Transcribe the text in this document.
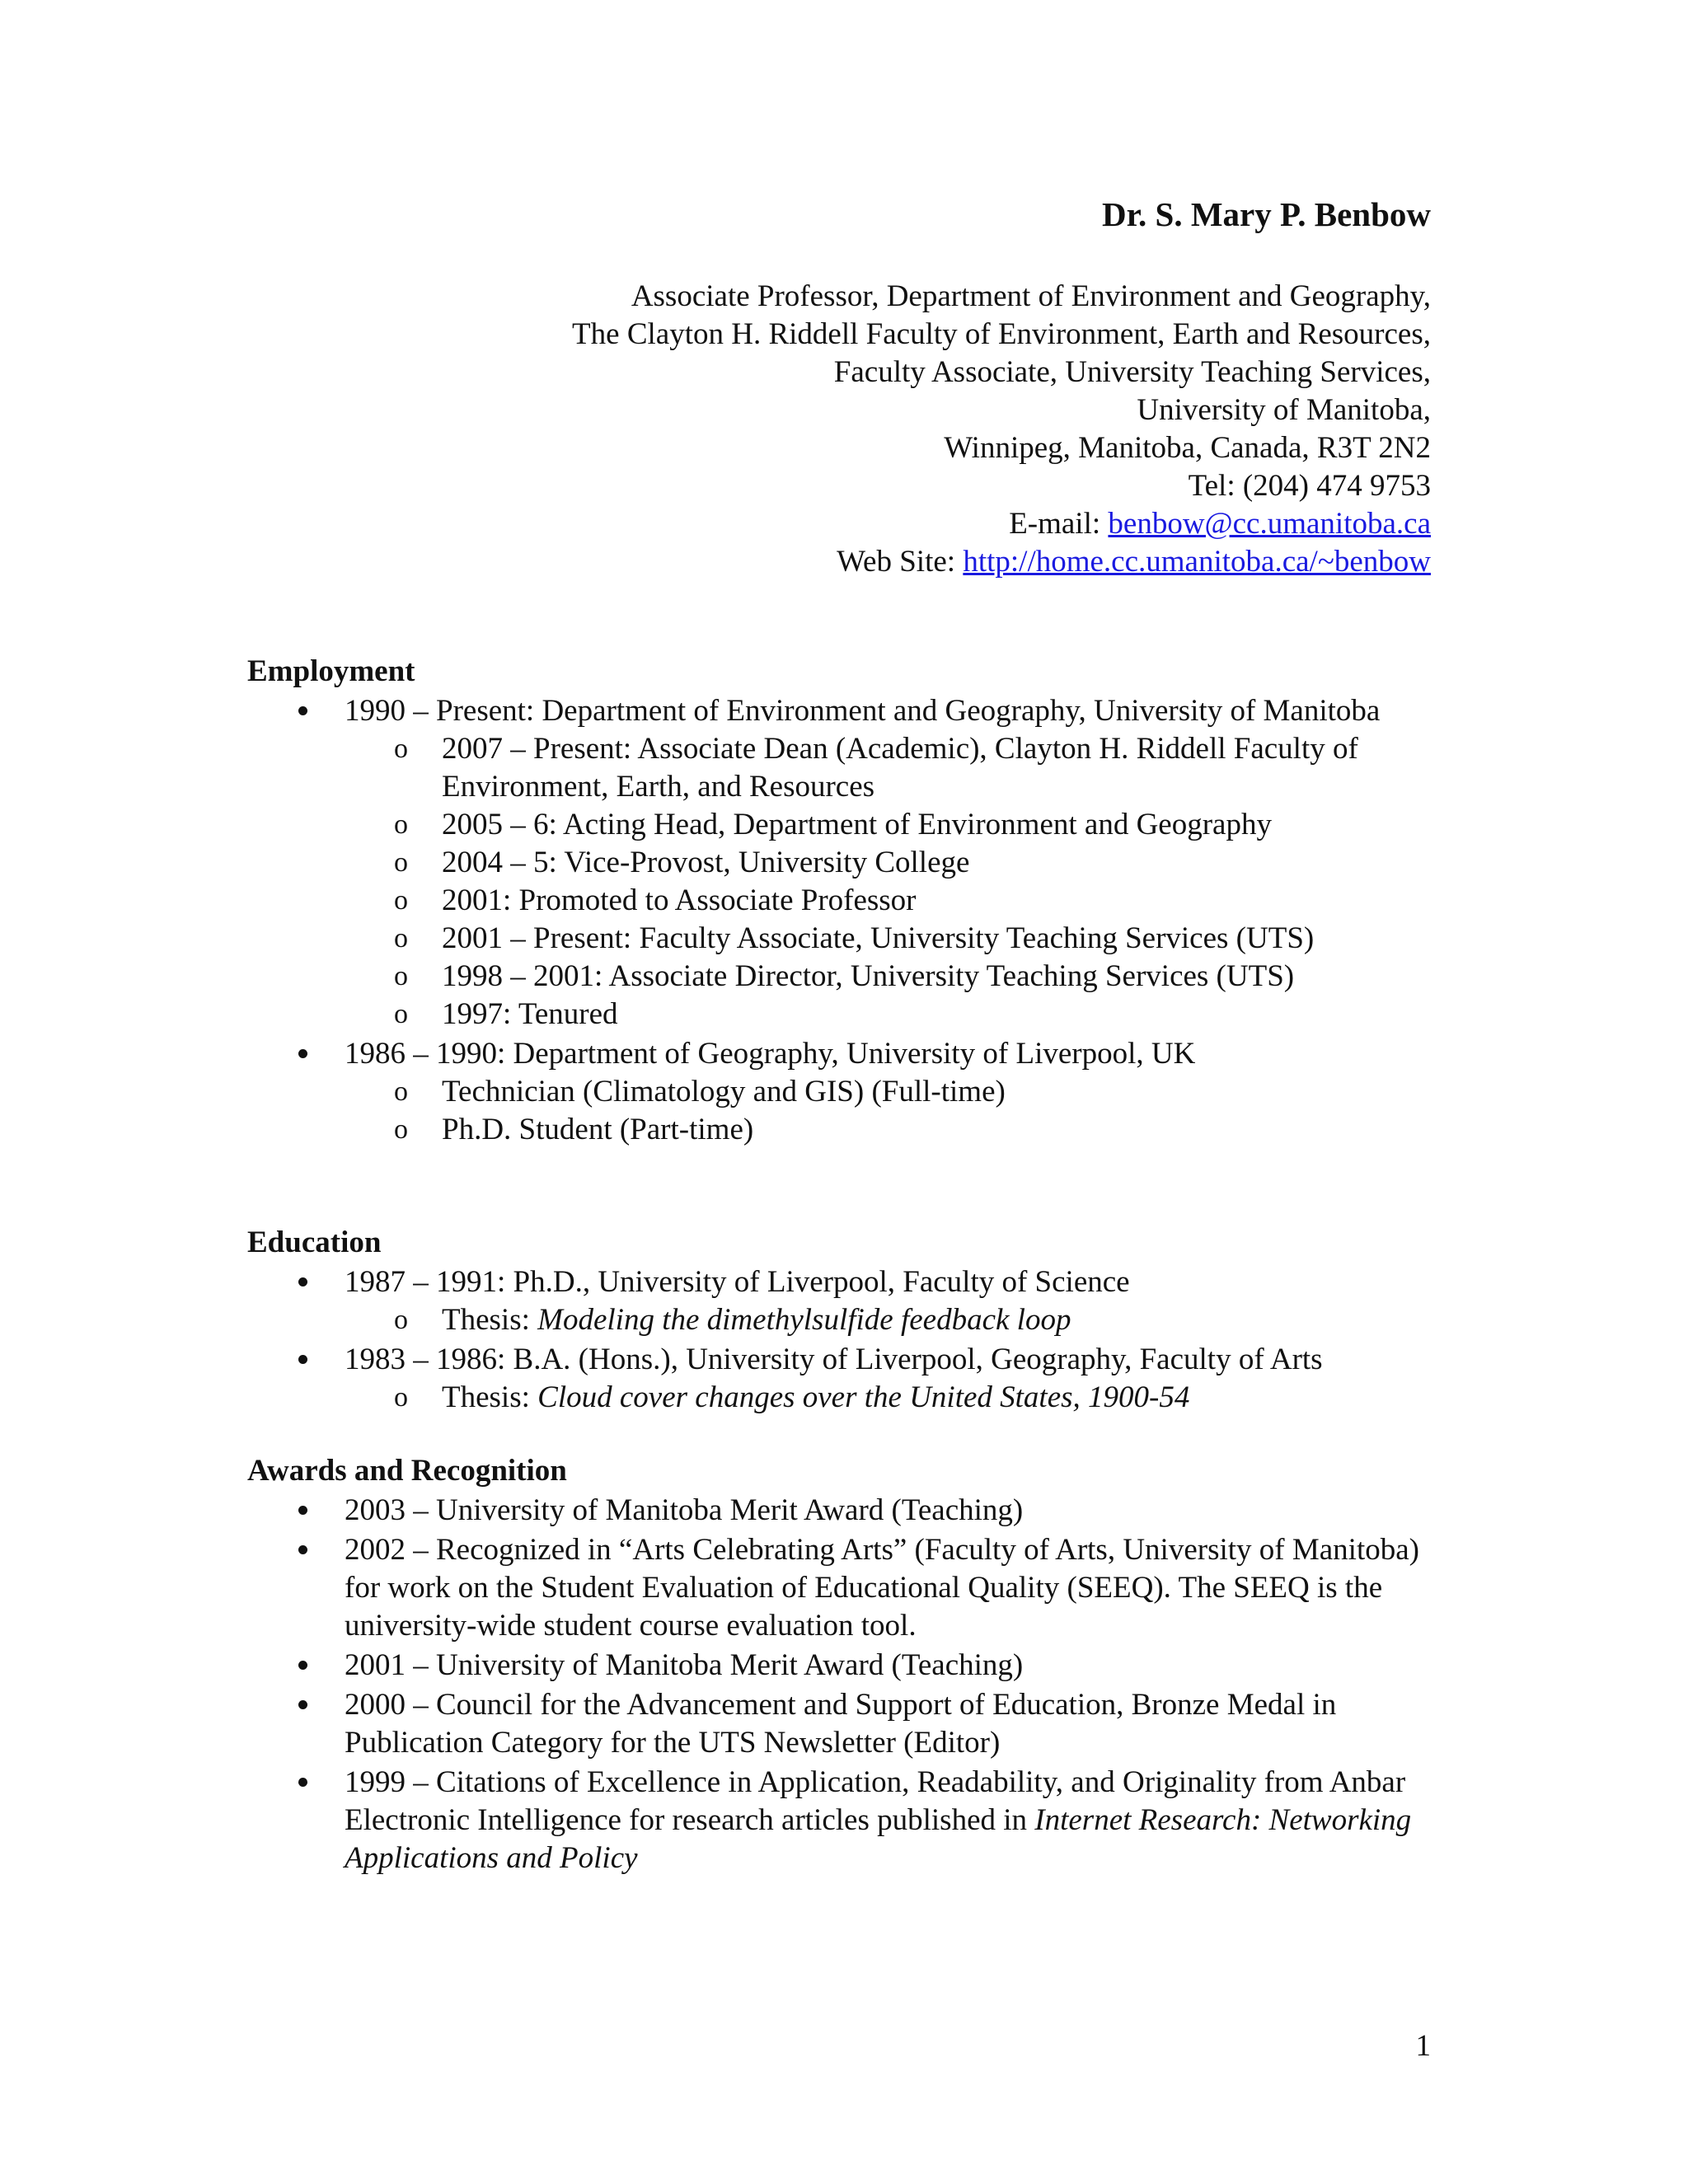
Dr. S. Mary P. Benbow
Associate Professor, Department of Environment and Geography,
The Clayton H. Riddell Faculty of Environment, Earth and Resources,
Faculty Associate, University Teaching Services,
University of Manitoba,
Winnipeg, Manitoba, Canada, R3T 2N2
Tel: (204) 474 9753
E-mail: benbow@cc.umanitoba.ca
Web Site: http://home.cc.umanitoba.ca/~benbow
Employment
1990 – Present: Department of Environment and Geography, University of Manitoba
o 2007 – Present: Associate Dean (Academic), Clayton H. Riddell Faculty of Environment, Earth, and Resources
o 2005 – 6: Acting Head, Department of Environment and Geography
o 2004 – 5: Vice-Provost, University College
o 2001: Promoted to Associate Professor
o 2001 – Present: Faculty Associate, University Teaching Services (UTS)
o 1998 – 2001: Associate Director, University Teaching Services (UTS)
o 1997: Tenured
1986 – 1990: Department of Geography, University of Liverpool, UK
o Technician (Climatology and GIS) (Full-time)
o Ph.D. Student (Part-time)
Education
1987 – 1991: Ph.D., University of Liverpool, Faculty of Science
o Thesis: Modeling the dimethylsulfide feedback loop
1983 – 1986: B.A. (Hons.), University of Liverpool, Geography, Faculty of Arts
o Thesis: Cloud cover changes over the United States, 1900-54
Awards and Recognition
2003 – University of Manitoba Merit Award (Teaching)
2002 – Recognized in “Arts Celebrating Arts” (Faculty of Arts, University of Manitoba) for work on the Student Evaluation of Educational Quality (SEEQ). The SEEQ is the university-wide student course evaluation tool.
2001 – University of Manitoba Merit Award (Teaching)
2000 – Council for the Advancement and Support of Education, Bronze Medal in Publication Category for the UTS Newsletter (Editor)
1999 – Citations of Excellence in Application, Readability, and Originality from Anbar Electronic Intelligence for research articles published in Internet Research: Networking Applications and Policy
1
